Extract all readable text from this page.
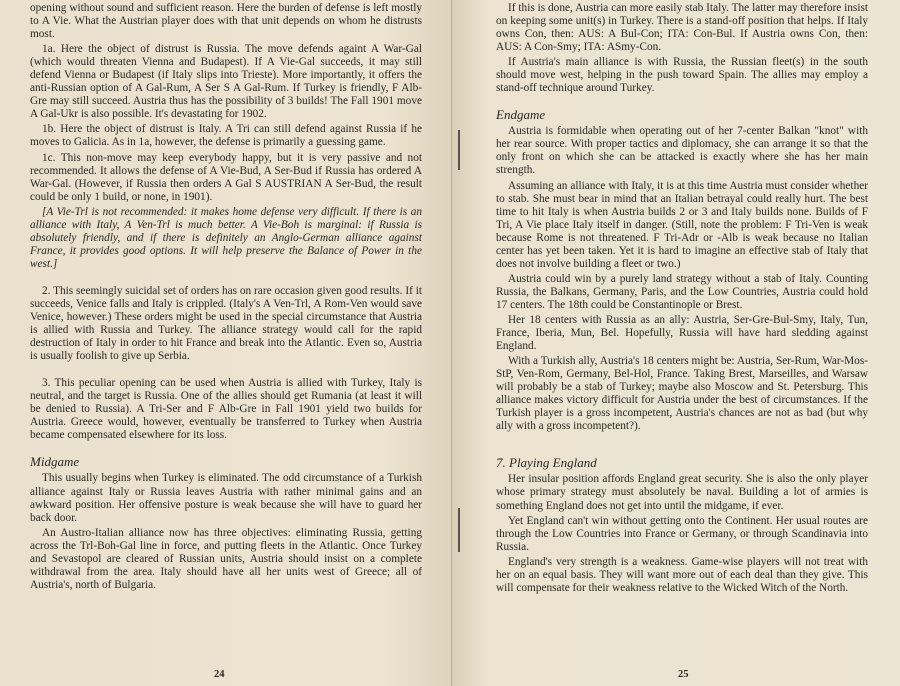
opening without sound and sufficient reason. Here the burden of defense is left mostly to A Vie. What the Austrian player does with that unit depends on whom he distrusts most.

1a. Here the object of distrust is Russia. The move defends againt A War-Gal (which would threaten Vienna and Budapest). If A Vie-Gal succeeds, it may still defend Vienna or Budapest (if Italy slips into Trieste). More importantly, it offers the anti-Russian option of A Gal-Rum, A Ser S A Gal-Rum. If Turkey is friendly, F Alb-Gre may still succeed. Austria thus has the possibility of 3 builds! The Fall 1901 move A Gal-Ukr is also possible. It's devastating for 1902.

1b. Here the object of distrust is Italy. A Tri can still defend against Russia if he moves to Galicia. As in 1a, however, the defense is primarily a guessing game.

1c. This non-move may keep everybody happy, but it is very passive and not recommended. It allows the defense of A Vie-Bud, A Ser-Bud if Russia has ordered A War-Gal. (However, if Russia then orders A Gal S AUSTRIAN A Ser-Bud, the result could be only 1 build, or none, in 1901).

[A Vie-Trl is not recommended: it makes home defense very difficult. If there is an alliance with Italy, A Ven-Trl is much better. A Vie-Boh is marginal: if Russia is absolutely friendly, and if there is definitely an Anglo-German alliance against France, it provides good options. It will help preserve the Balance of Power in the west.]

2. This seemingly suicidal set of orders has on rare occasion given good results. If it succeeds, Venice falls and Italy is crippled. (Italy's A Ven-Trl, A Rom-Ven would save Venice, however.) These orders might be used in the special circumstance that Austria is allied with Russia and Turkey. The alliance strategy would call for the rapid destruction of Italy in order to hit France and break into the Atlantic. Even so, Austria is usually foolish to give up Serbia.

3. This peculiar opening can be used when Austria is allied with Turkey, Italy is neutral, and the target is Russia. One of the allies should get Rumania (at least it will be denied to Russia). A Tri-Ser and F Alb-Gre in Fall 1901 yield two builds for Austria. Greece would, however, eventually be transferred to Turkey when Austria became compensated elsewhere for its loss.

Midgame

This usually begins when Turkey is eliminated. The odd circumstance of a Turkish alliance against Italy or Russia leaves Austria with rather minimal gains and an awkward position. Her offensive posture is weak because she will have to guard her back door.

An Austro-Italian alliance now has three objectives: eliminating Russia, getting across the Trl-Boh-Gal line in force, and putting fleets in the Atlantic. Once Turkey and Sevastopol are cleared of Russian units, Austria should insist on a complete withdrawal from the area. Italy should have all her units west of Greece; all of Austria's, north of Bulgaria.

24

If this is done, Austria can more easily stab Italy. The latter may therefore insist on keeping some unit(s) in Turkey. There is a stand-off position that helps. If Italy owns Con, then: AUS: A Bul-Con; ITA: Con-Bul. If Austria owns Con, then: AUS: A Con-Smy; ITA: ASmy-Con.

If Austria's main alliance is with Russia, the Russian fleet(s) in the south should move west, helping in the push toward Spain. The allies may employ a stand-off technique around Turkey.

Endgame

Austria is formidable when operating out of her 7-center Balkan "knot" with her rear source. With proper tactics and diplomacy, she can arrange it so that the only front on which she can be attacked is exactly where she has her main strength.

Assuming an alliance with Italy, it is at this time Austria must consider whether to stab. She must bear in mind that an Italian betrayal could really hurt. The best time to hit Italy is when Austria builds 2 or 3 and Italy builds none. Builds of F Tri, A Vie place Italy itself in danger. (Still, note the problem: F Tri-Ven is weak because Rome is not threatened. F Tri-Adr or -Alb is weak because no Italian center has yet been taken. Yet it is hard to imagine an effective stab of Italy that does not involve building a fleet or two.)

Austria could win by a purely land strategy without a stab of Italy. Counting Russia, the Balkans, Germany, Paris, and the Low Countries, Austria could hold 17 centers. The 18th could be Constantinople or Brest.

Her 18 centers with Russia as an ally: Austria, Ser-Gre-Bul-Smy, Italy, Tun, France, Iberia, Mun, Bel. Hopefully, Russia will have hard sledding against England.

With a Turkish ally, Austria's 18 centers might be: Austria, Ser-Rum, War-Mos-StP, Ven-Rom, Germany, Bel-Hol, France. Taking Brest, Marseilles, and Warsaw will probably be a stab of Turkey; maybe also Moscow and St. Petersburg. This alliance makes victory difficult for Austria under the best of circumstances. If the Turkish player is a gross incompetent, Austria's chances are not as bad (but why ally with a gross incompetent?).

7. Playing England

Her insular position affords England great security. She is also the only player whose primary strategy must absolutely be naval. Building a lot of armies is something England does not get into until the midgame, if ever.

Yet England can't win without getting onto the Continent. Her usual routes are through the Low Countries into France or Germany, or through Scandinavia into Russia.

England's very strength is a weakness. Game-wise players will not treat with her on an equal basis. They will want more out of each deal than they give. This will compensate for their weakness relative to the Wicked Witch of the North.

25
